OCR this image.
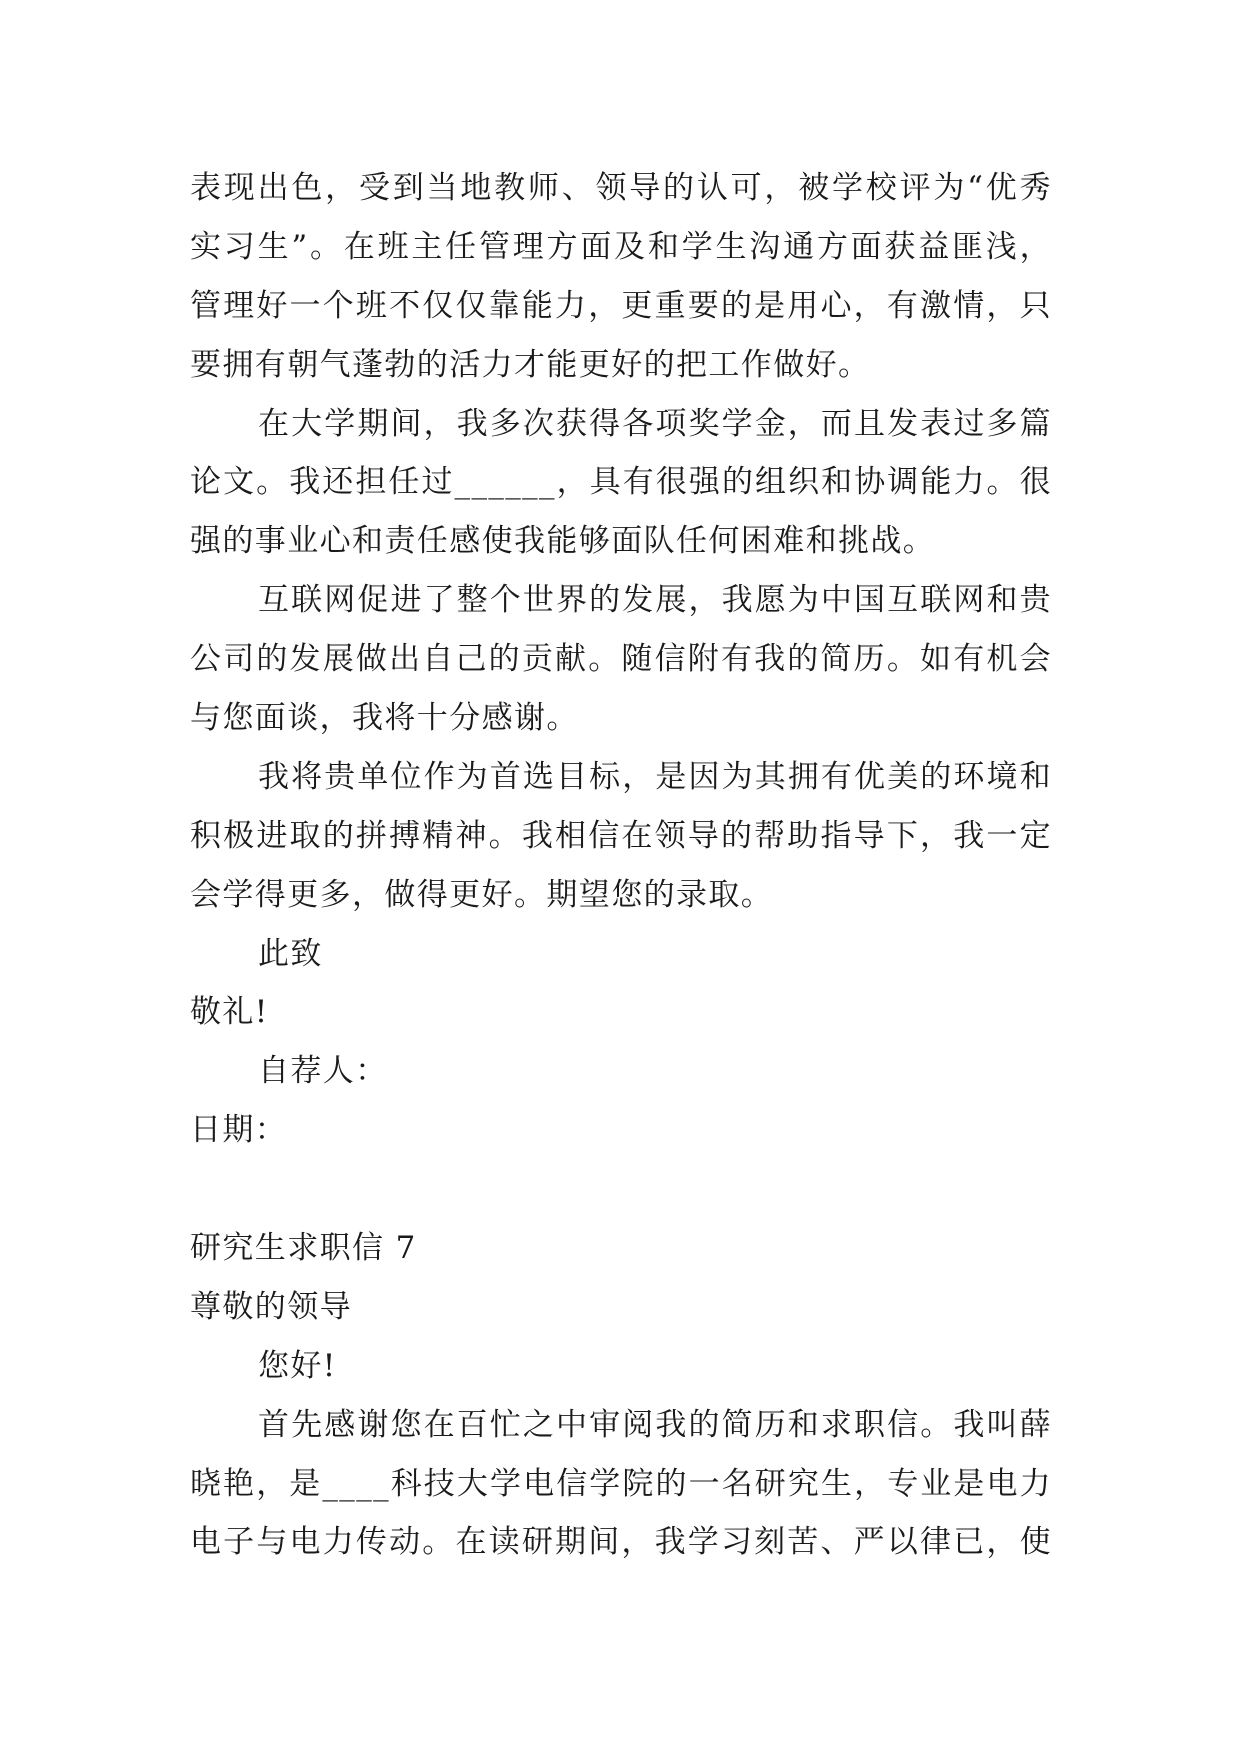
表现出色，受到当地教师、领导的认可，被学校评为“优秀
实习生”。在班主任管理方面及和学生沟通方面获益匪浅，
管理好一个班不仅仅靠能力，更重要的是用心，有激情，只
要拥有朝气蓬勃的活力才能更好的把工作做好。
在大学期间，我多次获得各项奖学金，而且发表过多篇
论文。我还担任过______，具有很强的组织和协调能力。很
强的事业心和责任感使我能够面队任何困难和挑战。
互联网促进了整个世界的发展，我愿为中国互联网和贵
公司的发展做出自己的贡献。随信附有我的简历。如有机会
与您面谈，我将十分感谢。
我将贵单位作为首选目标，是因为其拥有优美的环境和
积极进取的拼搏精神。我相信在领导的帮助指导下，我一定
会学得更多，做得更好。期望您的录取。
此致
敬礼!
自荐人：
日期：
研究生求职信 7
尊敬的领导
您好!
首先感谢您在百忙之中审阅我的简历和求职信。我叫薛
晓艳，是____科技大学电信学院的一名研究生，专业是电力
电子与电力传动。在读研期间，我学习刻苦、严以律已，使
